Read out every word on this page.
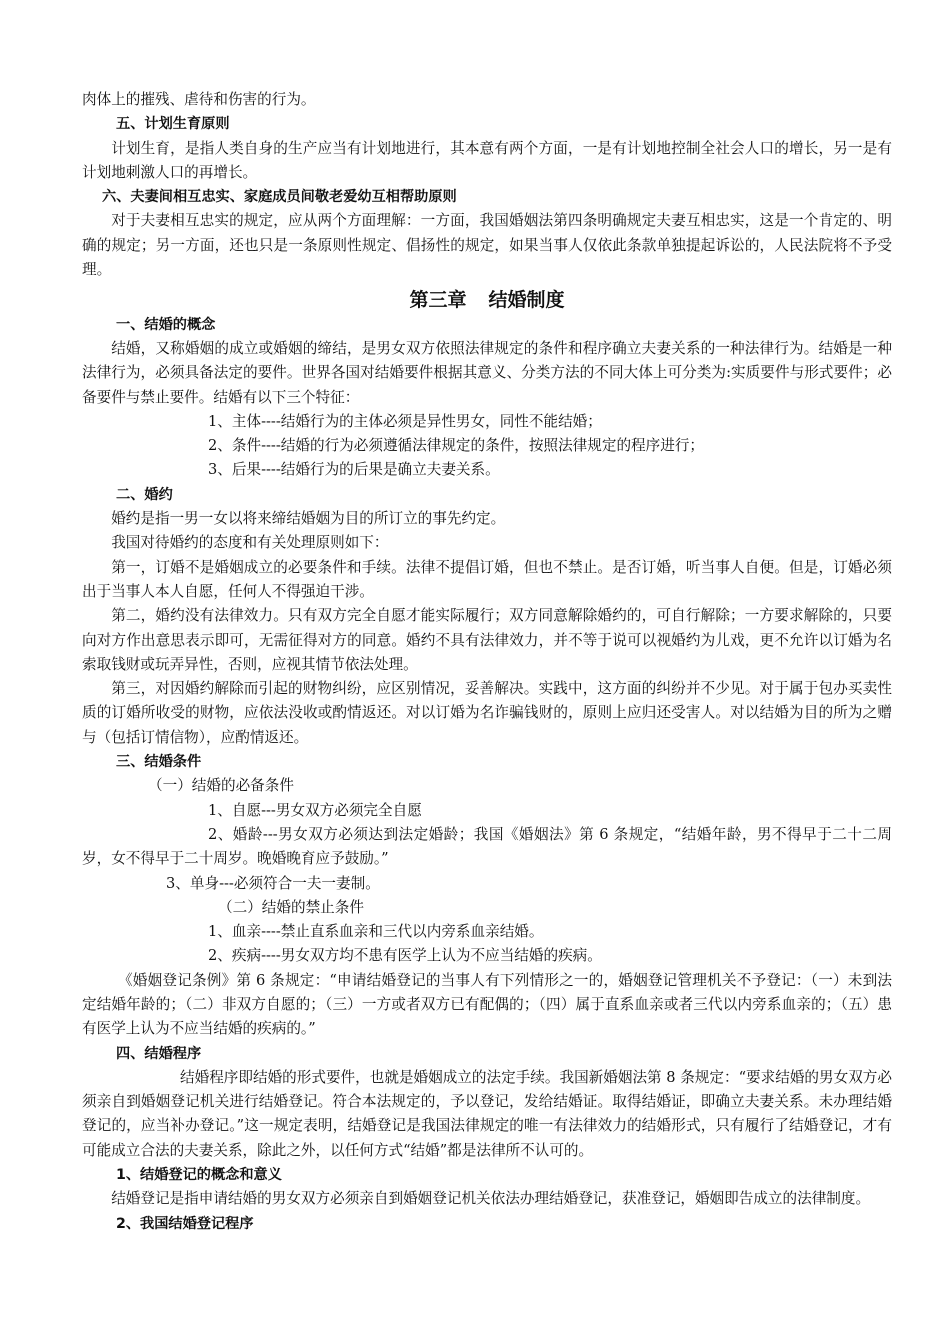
肉体上的摧残、虐待和伤害的行为。

五、计划生育原则

计划生育，是指人类自身的生产应当有计划地进行，其本意有两个方面，一是有计划地控制全社会人口的增长，另一是有计划地刺激人口的再增长。

六、夫妻间相互忠实、家庭成员间敬老爱幼互相帮助原则

对于夫妻相互忠实的规定，应从两个方面理解：一方面，我国婚姻法第四条明确规定夫妻互相忠实，这是一个肯定的、明确的规定；另一方面，还也只是一条原则性规定、倡扬性的规定，如果当事人仅依此条款单独提起诉讼的，人民法院将不予受理。

第三章 结婚制度

一、结婚的概念

结婚，又称婚姻的成立或婚姻的缔结，是男女双方依照法律规定的条件和程序确立夫妻关系的一种法律行为。结婚是一种法律行为，必须具备法定的要件。世界各国对结婚要件根据其意义、分类方法的不同大体上可分类为:实质要件与形式要件；必备要件与禁止要件。结婚有以下三个特征：

1、主体----结婚行为的主体必须是异性男女，同性不能结婚；

2、条件----结婚的行为必须遵循法律规定的条件，按照法律规定的程序进行；

3、后果----结婚行为的后果是确立夫妻关系。

二、婚约

婚约是指一男一女以将来缔结婚姻为目的所订立的事先约定。

我国对待婚约的态度和有关处理原则如下：

第一，订婚不是婚姻成立的必要条件和手续。法律不提倡订婚，但也不禁止。是否订婚，听当事人自便。但是，订婚必须出于当事人本人自愿，任何人不得强迫干涉。

第二，婚约没有法律效力。只有双方完全自愿才能实际履行；双方同意解除婚约的，可自行解除；一方要求解除的，只要向对方作出意思表示即可，无需征得对方的同意。婚约不具有法律效力，并不等于说可以视婚约为儿戏，更不允许以订婚为名索取钱财或玩弄异性，否则，应视其情节依法处理。

第三，对因婚约解除而引起的财物纠纷，应区别情况，妥善解决。实践中，这方面的纠纷并不少见。对于属于包办买卖性质的订婚所收受的财物，应依法没收或酌情返还。对以订婚为名诈骗钱财的，原则上应归还受害人。对以结婚为目的所为之赠与（包括订情信物），应酌情返还。

三、结婚条件

（一）结婚的必备条件

1、自愿---男女双方必须完全自愿

2、婚龄---男女双方必须达到法定婚龄；我国《婚姻法》第 6 条规定，“结婚年龄，男不得早于二十二周岁，女不得早于二十周岁。晚婚晚育应予鼓励。”

3、单身---必须符合一夫一妻制。

（二）结婚的禁止条件

1、血亲----禁止直系血亲和三代以内旁系血亲结婚。

2、疾病----男女双方均不患有医学上认为不应当结婚的疾病。

《婚姻登记条例》第 6 条规定：“申请结婚登记的当事人有下列情形之一的，婚姻登记管理机关不予登记：（一）未到法定结婚年龄的；（二）非双方自愿的；（三）一方或者双方已有配偶的；（四）属于直系血亲或者三代以内旁系血亲的；（五）患有医学上认为不应当结婚的疾病的。”

四、结婚程序

结婚程序即结婚的形式要件，也就是婚姻成立的法定手续。我国新婚姻法第 8 条规定：“要求结婚的男女双方必须亲自到婚姻登记机关进行结婚登记。符合本法规定的，予以登记，发给结婚证。取得结婚证，即确立夫妻关系。未办理结婚登记的，应当补办登记。”这一规定表明，结婚登记是我国法律规定的唯一有法律效力的结婚形式，只有履行了结婚登记，才有可能成立合法的夫妻关系，除此之外，以任何方式“结婚”都是法律所不认可的。

1、结婚登记的概念和意义

结婚登记是指申请结婚的男女双方必须亲自到婚姻登记机关依法办理结婚登记，获准登记，婚姻即告成立的法律制度。

2、我国结婚登记程序
